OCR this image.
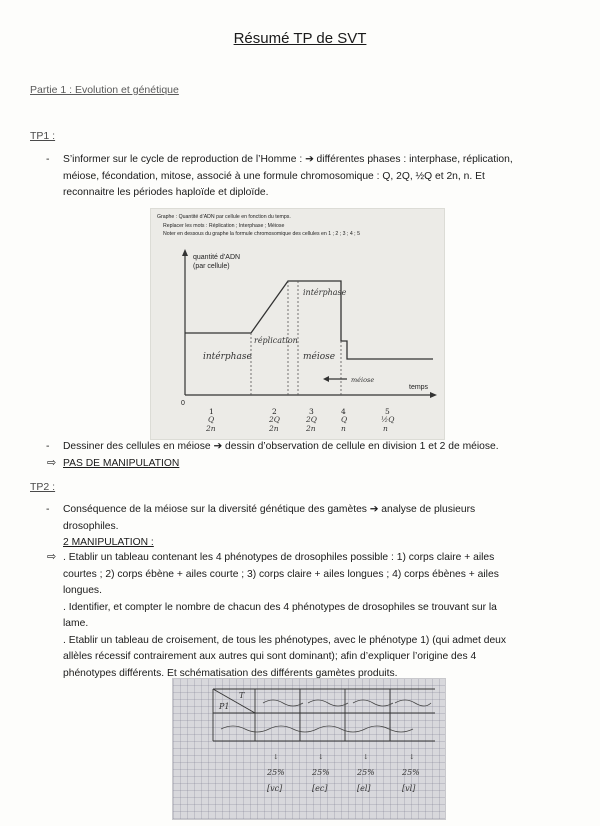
Résumé TP de SVT
Partie 1 : Evolution et génétique
TP1 :
- S’informer sur le cycle de reproduction de l’Homme : ➔ différentes phases : interphase, réplication,
méiose, fécondation, mitose, associé à une formule chromosomique : Q, 2Q, ½Q et 2n, n. Et
reconnaitre les périodes haploïde et diploïde.
Graphe : Quantité d’ADN par cellule en fonction du temps.
Replacer les mots : Réplication ; Interphase ; Méiose
Noter en dessous du graphe la formule chromosomique des cellules en 1 ; 2 ; 3 ; 4 ; 5
quantité d’ADN
(par cellule)
temps
0
intérphase
réplication
intérphase
méiose
méiose
1
Q
2n
2
2Q
2n
3
2Q
2n
4
Q
n
5
½Q
n
- Dessiner des cellules en méiose ➔ dessin d’observation de cellule en division 1 et 2 de méiose.
⇨ PAS DE MANIPULATION
TP2 :
- Conséquence de la méiose sur la diversité génétique des gamètes ➔ analyse de plusieurs
drosophiles.
2 MANIPULATION :
⇨ . Etablir un tableau contenant les 4 phénotypes de drosophiles possible : 1) corps claire + ailes
courtes ; 2) corps ébène + ailes courte ; 3) corps claire + ailes longues ; 4) corps ébènes + ailes
longues.
. Identifier, et compter le nombre de chacun des 4 phénotypes de drosophiles se trouvant sur la
lame.
. Etablir un tableau de croisement, de tous les phénotypes, avec le phénotype 1) (qui admet deux
allèles récessif contrairement aux autres qui sont dominant); afin d’expliquer l’origine des 4
phénotypes différents. Et schématisation des différents gamètes produits.
P1
T
↓	↓	↓	↓
25%	25%	25%	25%
[vc]	[ec]	[el]	[vl]
